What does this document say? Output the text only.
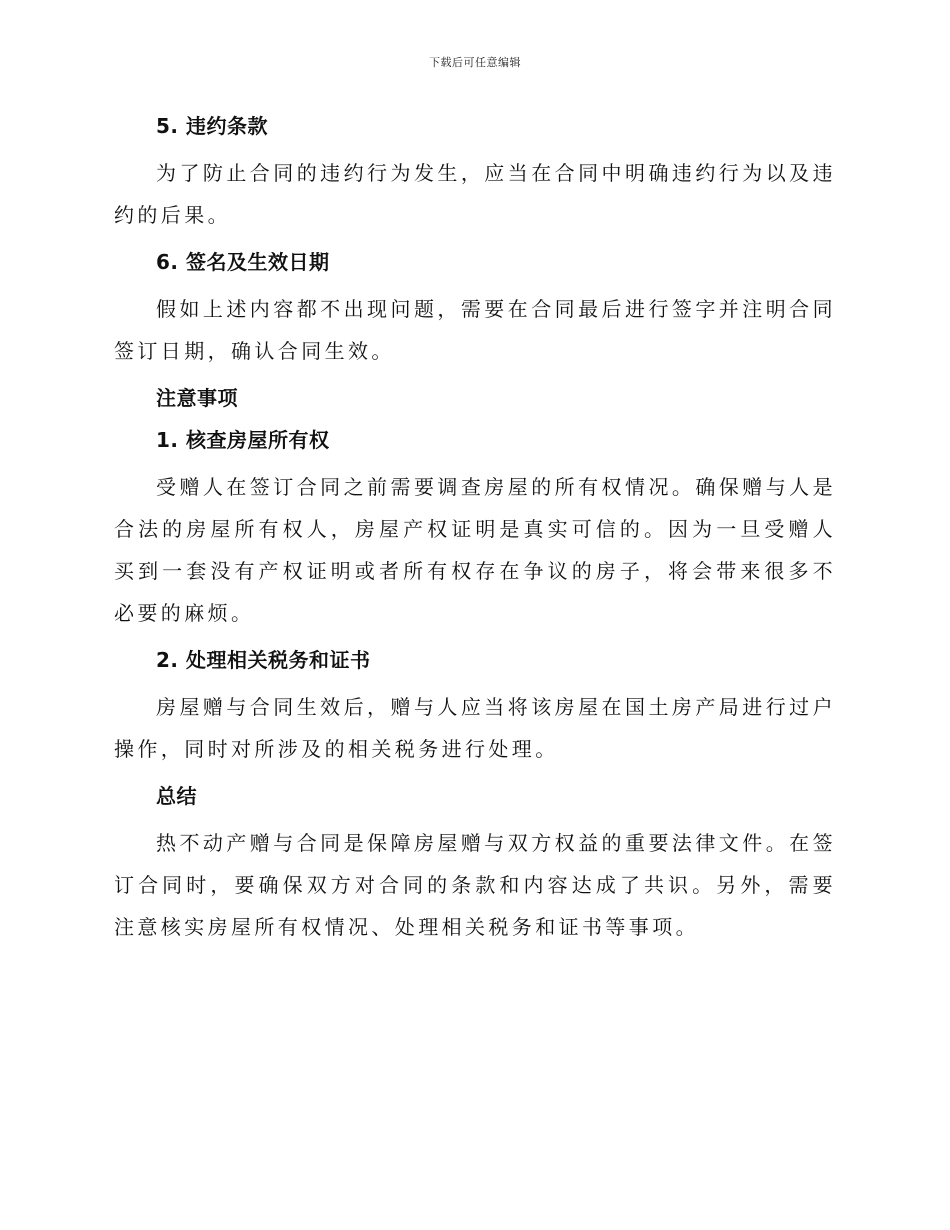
下载后可任意编辑
5. 违约条款

为了防止合同的违约行为发生，应当在合同中明确违约行为以及违约的后果。

6. 签名及生效日期

假如上述内容都不出现问题，需要在合同最后进行签字并注明合同签订日期，确认合同生效。

注意事项
1. 核查房屋所有权

受赠人在签订合同之前需要调查房屋的所有权情况。确保赠与人是合法的房屋所有权人，房屋产权证明是真实可信的。因为一旦受赠人买到一套没有产权证明或者所有权存在争议的房子，将会带来很多不必要的麻烦。

2. 处理相关税务和证书

房屋赠与合同生效后，赠与人应当将该房屋在国土房产局进行过户操作，同时对所涉及的相关税务进行处理。

总结

热不动产赠与合同是保障房屋赠与双方权益的重要法律文件。在签订合同时，要确保双方对合同的条款和内容达成了共识。另外，需要注意核实房屋所有权情况、处理相关税务和证书等事项。
